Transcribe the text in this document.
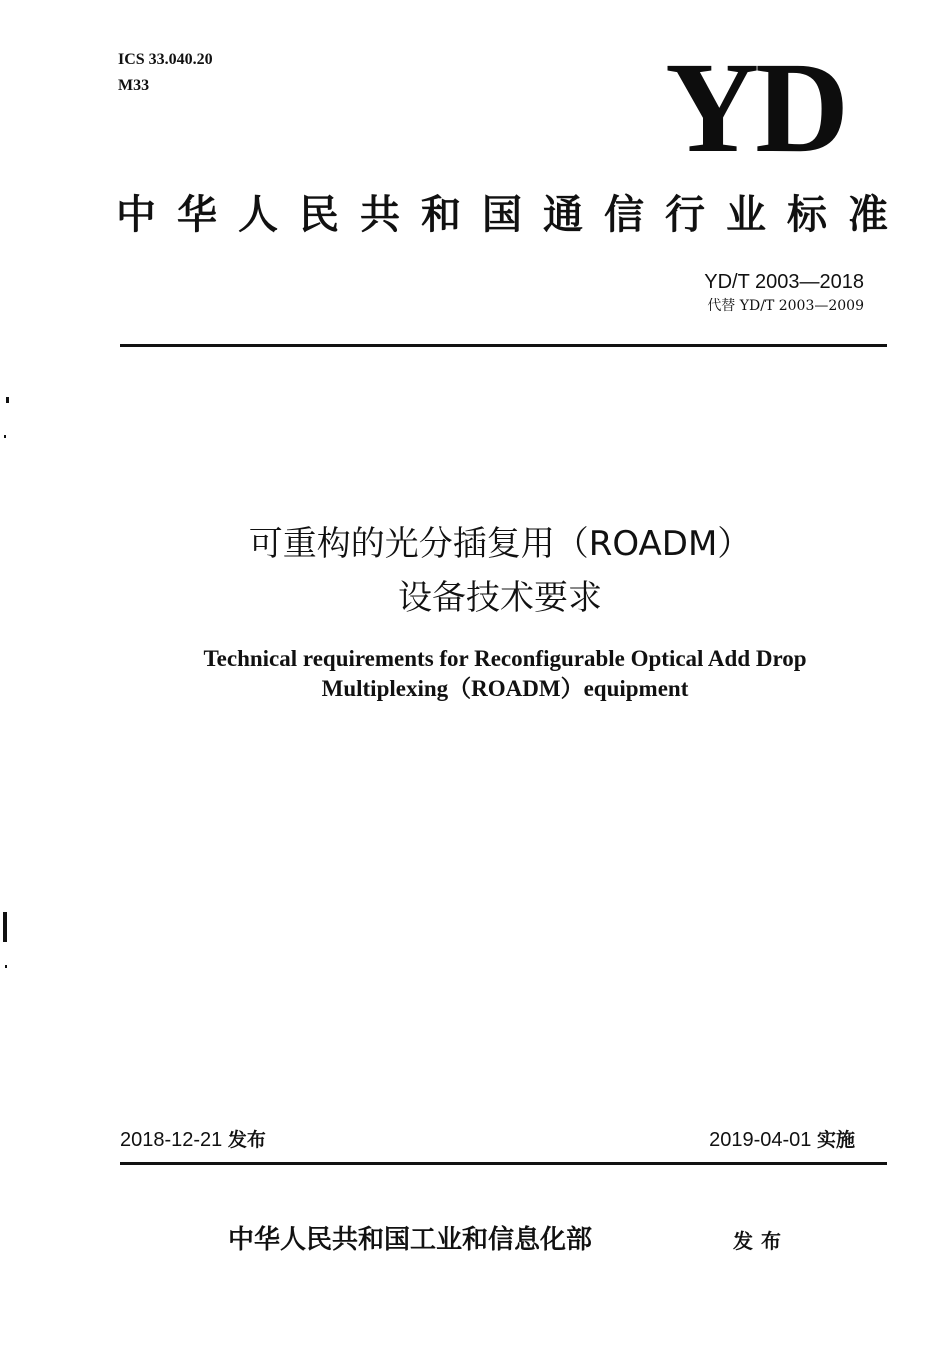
ICS 33.040.20
M33	YD
中华人民共和国通信行业标准
YD/T 2003—2018
代替 YD/T 2003—2009
可重构的光分插复用（ROADM）
设备技术要求
Technical requirements for Reconfigurable Optical Add Drop
Multiplexing（ROADM）equipment
2018-12-21 发布	2019-04-01 实施
中华人民共和国工业和信息化部	发布
